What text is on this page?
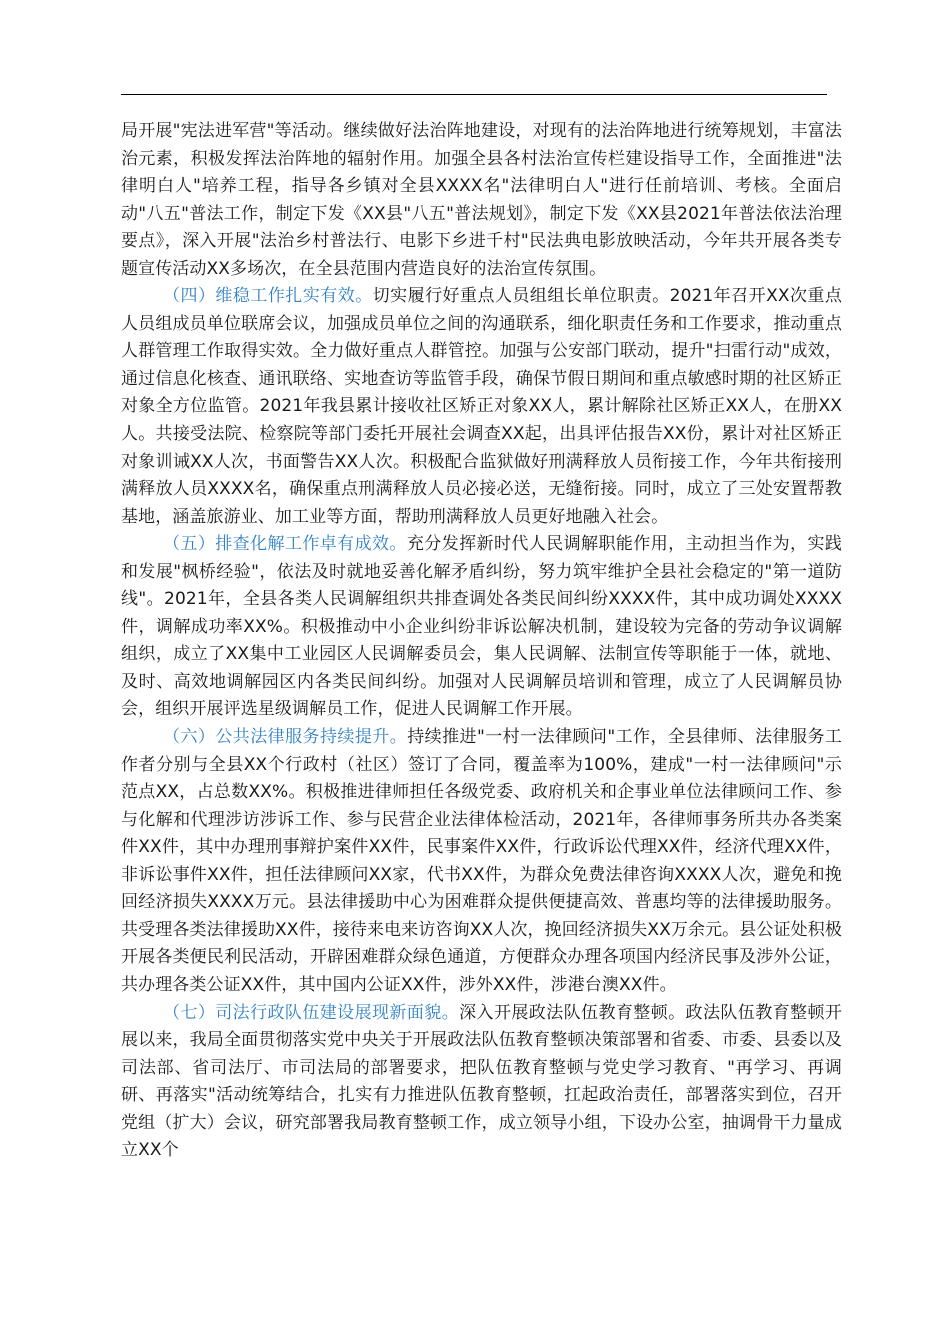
局开展"宪法进军营"等活动。继续做好法治阵地建设，对现有的法治阵地进行统筹规划，丰富法治元素，积极发挥法治阵地的辐射作用。加强全县各村法治宣传栏建设指导工作，全面推进"法律明白人"培养工程，指导各乡镇对全县XXXX名"法律明白人"进行任前培训、考核。全面启动"八五"普法工作，制定下发《XX县"八五"普法规划》，制定下发《XX县2021年普法依法治理要点》，深入开展"法治乡村普法行、电影下乡进千村"民法典电影放映活动，今年共开展各类专题宣传活动XX多场次，在全县范围内营造良好的法治宣传氛围。

（四）维稳工作扎实有效。切实履行好重点人员组组长单位职责。2021年召开XX次重点人员组成员单位联席会议，加强成员单位之间的沟通联系，细化职责任务和工作要求，推动重点人群管理工作取得实效。全力做好重点人群管控。加强与公安部门联动，提升"扫雷行动"成效，通过信息化核查、通讯联络、实地查访等监管手段，确保节假日期间和重点敏感时期的社区矫正对象全方位监管。2021年我县累计接收社区矫正对象XX人，累计解除社区矫正XX人，在册XX人。共接受法院、检察院等部门委托开展社会调查XX起，出具评估报告XX份，累计对社区矫正对象训诫XX人次，书面警告XX人次。积极配合监狱做好刑满释放人员衔接工作，今年共衔接刑满释放人员XXXX名，确保重点刑满释放人员必接必送，无缝衔接。同时，成立了三处安置帮教基地，涵盖旅游业、加工业等方面，帮助刑满释放人员更好地融入社会。

（五）排查化解工作卓有成效。充分发挥新时代人民调解职能作用，主动担当作为，实践和发展"枫桥经验"，依法及时就地妥善化解矛盾纠纷，努力筑牢维护全县社会稳定的"第一道防线"。2021年，全县各类人民调解组织共排查调处各类民间纠纷XXXX件，其中成功调处XXXX件，调解成功率XX%。积极推动中小企业纠纷非诉讼解决机制，建设较为完备的劳动争议调解组织，成立了XX集中工业园区人民调解委员会，集人民调解、法制宣传等职能于一体，就地、及时、高效地调解园区内各类民间纠纷。加强对人民调解员培训和管理，成立了人民调解员协会，组织开展评选星级调解员工作，促进人民调解工作开展。

（六）公共法律服务持续提升。持续推进"一村一法律顾问"工作，全县律师、法律服务工作者分别与全县XX个行政村（社区）签订了合同，覆盖率为100%，建成"一村一法律顾问"示范点XX，占总数XX%。积极推进律师担任各级党委、政府机关和企事业单位法律顾问工作、参与化解和代理涉访涉诉工作、参与民营企业法律体检活动，2021年，各律师事务所共办各类案件XX件，其中办理刑事辩护案件XX件，民事案件XX件，行政诉讼代理XX件，经济代理XX件，非诉讼事件XX件，担任法律顾问XX家，代书XX件，为群众免费法律咨询XXXX人次，避免和挽回经济损失XXXX万元。县法律援助中心为困难群众提供便捷高效、普惠均等的法律援助服务。共受理各类法律援助XX件，接待来电来访咨询XX人次，挽回经济损失XX万余元。县公证处积极开展各类便民利民活动，开辟困难群众绿色通道，方便群众办理各项国内经济民事及涉外公证，共办理各类公证XX件，其中国内公证XX件，涉外XX件，涉港台澳XX件。

（七）司法行政队伍建设展现新面貌。深入开展政法队伍教育整顿。政法队伍教育整顿开展以来，我局全面贯彻落实党中央关于开展政法队伍教育整顿决策部署和省委、市委、县委以及司法部、省司法厅、市司法局的部署要求，把队伍教育整顿与党史学习教育、"再学习、再调研、再落实"活动统筹结合，扎实有力推进队伍教育整顿，扛起政治责任，部署落实到位，召开党组（扩大）会议，研究部署我局教育整顿工作，成立领导小组，下设办公室，抽调骨干力量成立XX个
